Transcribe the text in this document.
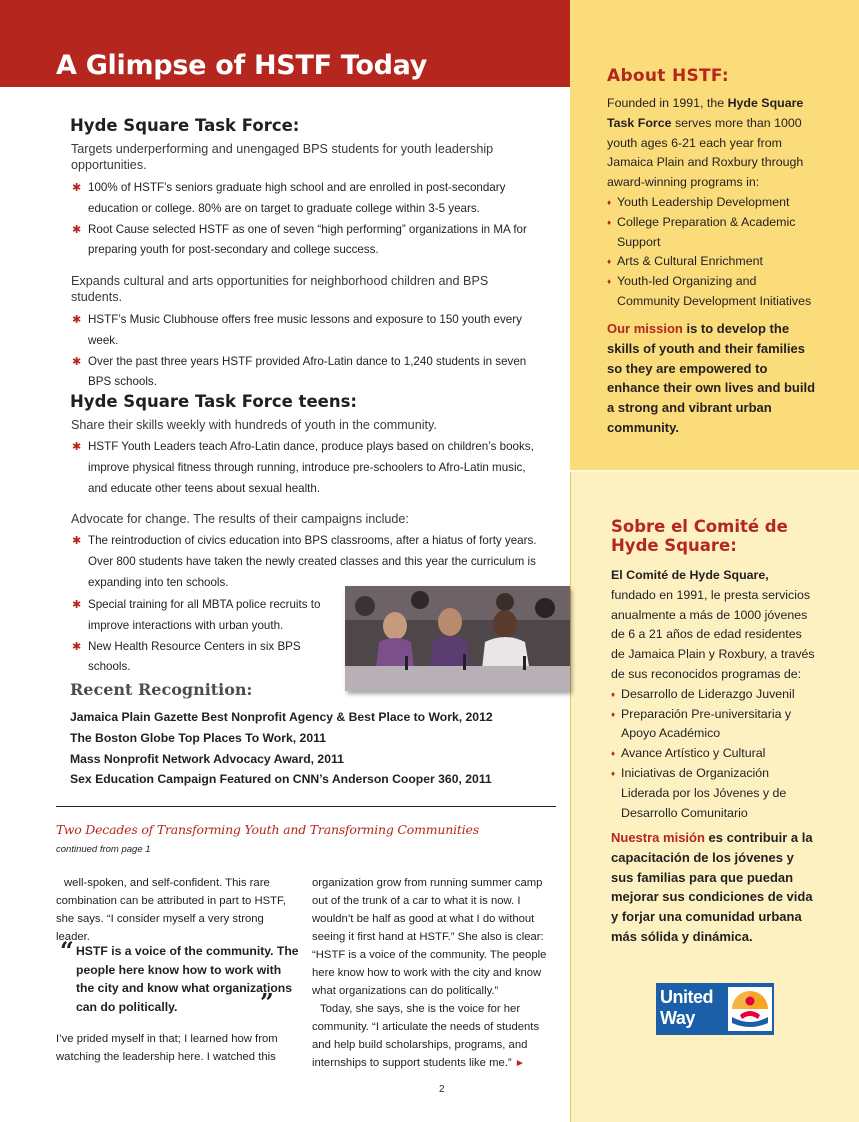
A Glimpse of HSTF Today
Hyde Square Task Force:

Targets underperforming and unengaged BPS students for youth leadership opportunities.

✱ 100% of HSTF’s seniors graduate high school and are enrolled in post-secondary education or college. 80% are on target to graduate college within 3-5 years.
✱ Root Cause selected HSTF as one of seven “high performing” organizations in MA for preparing youth for post-secondary and college success.

Expands cultural and arts opportunities for neighborhood children and BPS students.

✱ HSTF’s Music Clubhouse offers free music lessons and exposure to 150 youth every week.
✱ Over the past three years HSTF provided Afro-Latin dance to 1,240 students in seven BPS schools.
Hyde Square Task Force teens:

Share their skills weekly with hundreds of youth in the community.

✱ HSTF Youth Leaders teach Afro-Latin dance, produce plays based on children’s books, improve physical fitness through running, introduce pre-schoolers to Afro-Latin music, and educate other teens about sexual health.

Advocate for change. The results of their campaigns include:

✱ The reintroduction of civics education into BPS classrooms, after a hiatus of forty years. Over 800 students have taken the newly created classes and this year the curriculum is expanding into ten schools.
✱ Special training for all MBTA police recruits to improve interactions with urban youth.
✱ New Health Resource Centers in six BPS schools.
Recent Recognition:
Jamaica Plain Gazette Best Nonprofit Agency & Best Place to Work, 2012
The Boston Globe Top Places To Work, 2011
Mass Nonprofit Network Advocacy Award, 2011
Sex Education Campaign Featured on CNN’s Anderson Cooper 360, 2011
Two Decades of Transforming Youth and Transforming Communities
continued from page 1

well-spoken, and self-confident. This rare combination can be attributed in part to HSTF, she says. “I consider myself a very strong leader.

“ HSTF is a voice of the community. The people here know how to work with the city and know what organizations can do politically.	”

I’ve prided myself in that; I learned how from watching the leadership here. I watched this

organization grow from running summer camp out of the trunk of a car to what it is now. I wouldn’t be half as good at what I do without seeing it first hand at HSTF.” She also is clear: “HSTF is a voice of the community. The people here know how to work with the city and know what organizations can do politically.”

Today, she says, she is the voice for her community. “I articulate the needs of students and help build scholarships, programs, and internships to support students like me.” ►

2
About HSTF:
Founded in 1991, the Hyde Square Task Force serves more than 1000 youth ages 6-21 each year from Jamaica Plain and Roxbury through award-winning programs in:
♦ Youth Leadership Development
♦ College Preparation & Academic Support
♦ Arts & Cultural Enrichment
♦ Youth-led Organizing and Community Development Initiatives

Our mission is to develop the skills of youth and their families so they are empowered to enhance their own lives and build a strong and vibrant urban community.

Sobre el Comité de Hyde Square:
El Comité de Hyde Square, fundado en 1991, le presta servicios anualmente a más de 1000 jóvenes de 6 a 21 años de edad residentes de Jamaica Plain y Roxbury, a través de sus reconocidos programas de:
♦ Desarrollo de Liderazgo Juvenil
♦ Preparación Pre-universitaria y Apoyo Académico
♦ Avance Artístico y Cultural
♦ Iniciativas de Organización Liderada por los Jóvenes y de Desarrollo Comunitario

Nuestra misión es contribuir a la capacitación de los jóvenes y sus familias para que puedan mejorar sus condiciones de vida y forjar una comunidad urbana más sólida y dinámica.

United Way
